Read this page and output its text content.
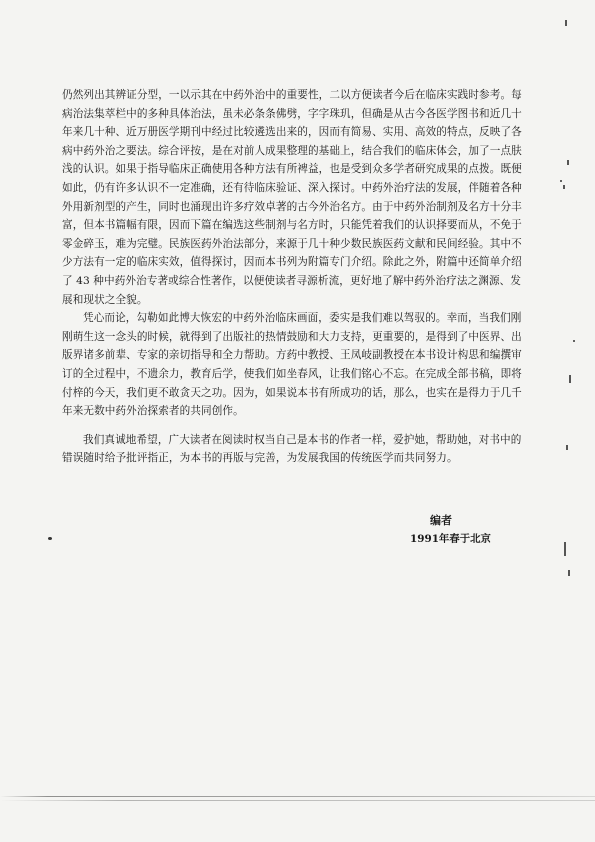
仍然列出其辨证分型，一以示其在中药外治中的重要性，二以方便读者今后在临床实践时参考。每病治法集萃栏中的多种具体治法，虽未必条条佛劈，字字珠玑，但确是从古今各医学图书和近几十年来几十种、近万册医学期刊中经过比较遴选出来的，因而有简易、实用、高效的特点，反映了各病中药外治之要法。综合评按，是在对前人成果整理的基础上，结合我们的临床体会，加了一点肤浅的认识。如果于指导临床正确使用各种方法有所裨益，也是受到众多学者研究成果的点拨。既便如此，仍有许多认识不一定准确，还有待临床验证、深入探讨。中药外治疗法的发展，伴随着各种外用新剂型的产生，同时也涌现出许多疗效卓著的古今外治名方。由于中药外治制剂及名方十分丰富，但本书篇幅有限，因而下篇在编选这些制剂与名方时，只能凭着我们的认识择要而从，不免于零金碎玉，难为完璧。民族医药外治法部分，来源于几十种少数民族医药文献和民间经验。其中不少方法有一定的临床实效，值得探讨，因而本书列为附篇专门介绍。除此之外，附篇中还简单介绍了 43 种中药外治专著或综合性著作，以便使读者寻源析流，更好地了解中药外治疗法之渊源、发展和现状之全貌。

凭心而论，勾勒如此博大恢宏的中药外治临床画面，委实是我们难以驾驭的。幸而，当我们刚刚萌生这一念头的时候，就得到了出版社的热情鼓励和大力支持，更重要的，是得到了中医界、出版界诸多前辈、专家的亲切指导和全力帮助。方药中教授、王凤岐副教授在本书设计构思和编撰审订的全过程中，不遗余力，教育后学，使我们如坐春风，让我们铭心不忘。在完成全部书稿，即将付梓的今天，我们更不敢贪天之功。因为，如果说本书有所成功的话，那么，也实在是得力于几千年来无数中药外治探索者的共同创作。

我们真诚地希望，广大读者在阅读时权当自己是本书的作者一样，爱护她，帮助她，对书中的错误随时给予批评指正，为本书的再版与完善，为发展我国的传统医学而共同努力。

编者
1991年春于北京
